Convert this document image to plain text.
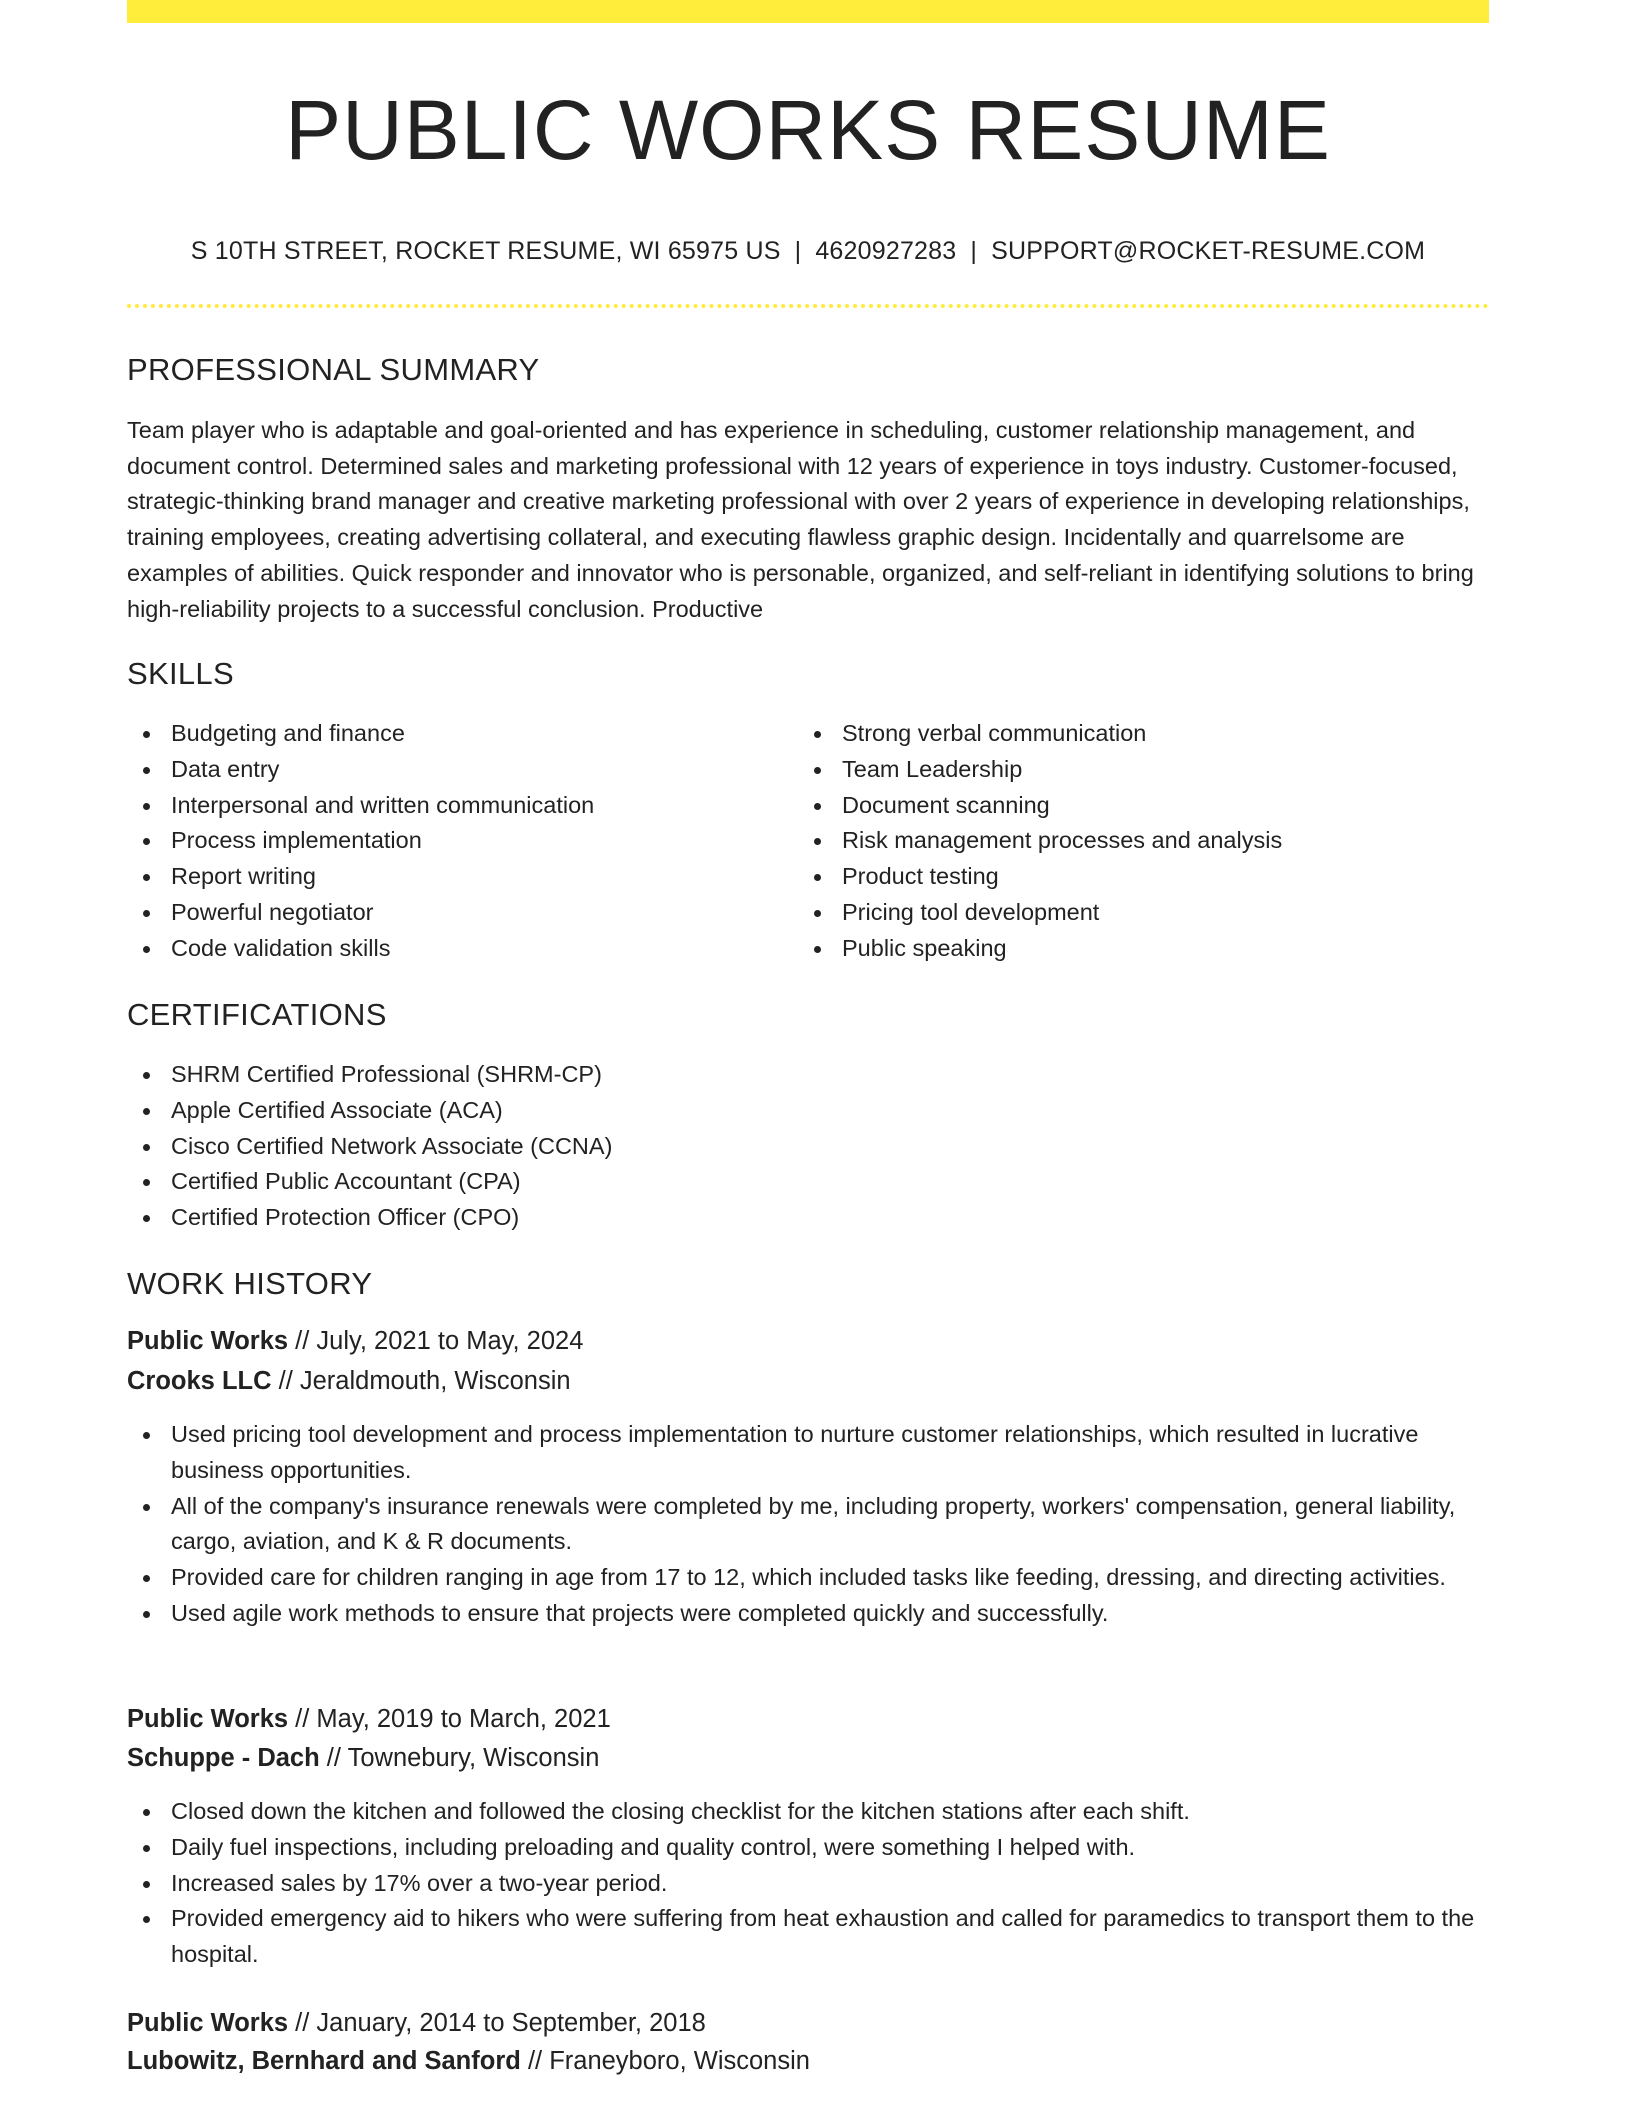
PUBLIC WORKS RESUME

S 10TH STREET, ROCKET RESUME, WI 65975 US | 4620927283 | SUPPORT@ROCKET-RESUME.COM

PROFESSIONAL SUMMARY

Team player who is adaptable and goal-oriented and has experience in scheduling, customer relationship management, and document control. Determined sales and marketing professional with 12 years of experience in toys industry. Customer-focused, strategic-thinking brand manager and creative marketing professional with over 2 years of experience in developing relationships, training employees, creating advertising collateral, and executing flawless graphic design. Incidentally and quarrelsome are examples of abilities. Quick responder and innovator who is personable, organized, and self-reliant in identifying solutions to bring high-reliability projects to a successful conclusion. Productive

SKILLS
Budgeting and finance
Data entry
Interpersonal and written communication
Process implementation
Report writing
Powerful negotiator
Code validation skills
Strong verbal communication
Team Leadership
Document scanning
Risk management processes and analysis
Product testing
Pricing tool development
Public speaking
CERTIFICATIONS
SHRM Certified Professional (SHRM-CP)
Apple Certified Associate (ACA)
Cisco Certified Network Associate (CCNA)
Certified Public Accountant (CPA)
Certified Protection Officer (CPO)
WORK HISTORY

Public Works // July, 2021 to May, 2024

Crooks LLC // Jeraldmouth, Wisconsin

Used pricing tool development and process implementation to nurture customer relationships, which resulted in lucrative business opportunities.
All of the company's insurance renewals were completed by me, including property, workers' compensation, general liability, cargo, aviation, and K & R documents.
Provided care for children ranging in age from 17 to 12, which included tasks like feeding, dressing, and directing activities.
Used agile work methods to ensure that projects were completed quickly and successfully.

Public Works // May, 2019 to March, 2021

Schuppe - Dach // Townebury, Wisconsin

Closed down the kitchen and followed the closing checklist for the kitchen stations after each shift.
Daily fuel inspections, including preloading and quality control, were something I helped with.
Increased sales by 17% over a two-year period.
Provided emergency aid to hikers who were suffering from heat exhaustion and called for paramedics to transport them to the hospital.

Public Works // January, 2014 to September, 2018

Lubowitz, Bernhard and Sanford // Franeyboro, Wisconsin
